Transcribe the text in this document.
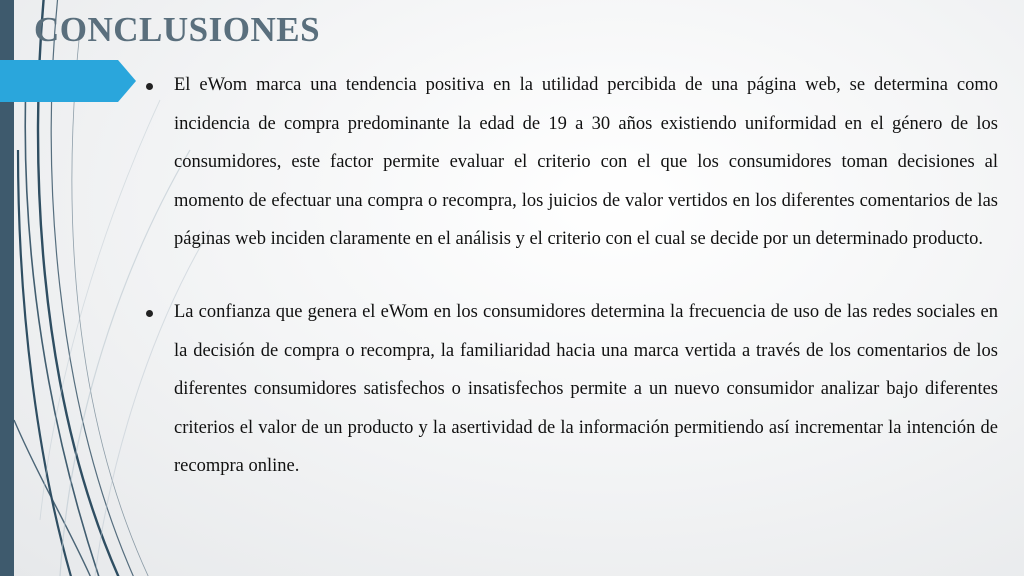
CONCLUSIONES
El eWom marca una tendencia positiva en la utilidad percibida de una página web, se determina como incidencia de compra predominante la edad de 19 a 30 años existiendo uniformidad en el género de los consumidores, este factor permite evaluar el criterio con el que los consumidores toman decisiones al momento de efectuar una compra o recompra, los juicios de valor vertidos en los diferentes comentarios de las páginas web inciden claramente en el análisis y el criterio con el cual se decide por un determinado producto.
La confianza que genera el eWom en los consumidores determina la frecuencia de uso de las redes sociales en la decisión de compra o recompra, la familiaridad hacia una marca vertida a través de los comentarios de los diferentes consumidores satisfechos o insatisfechos permite a un nuevo consumidor analizar bajo diferentes criterios el valor de un producto y la asertividad de la información permitiendo así incrementar la intención de recompra online.
